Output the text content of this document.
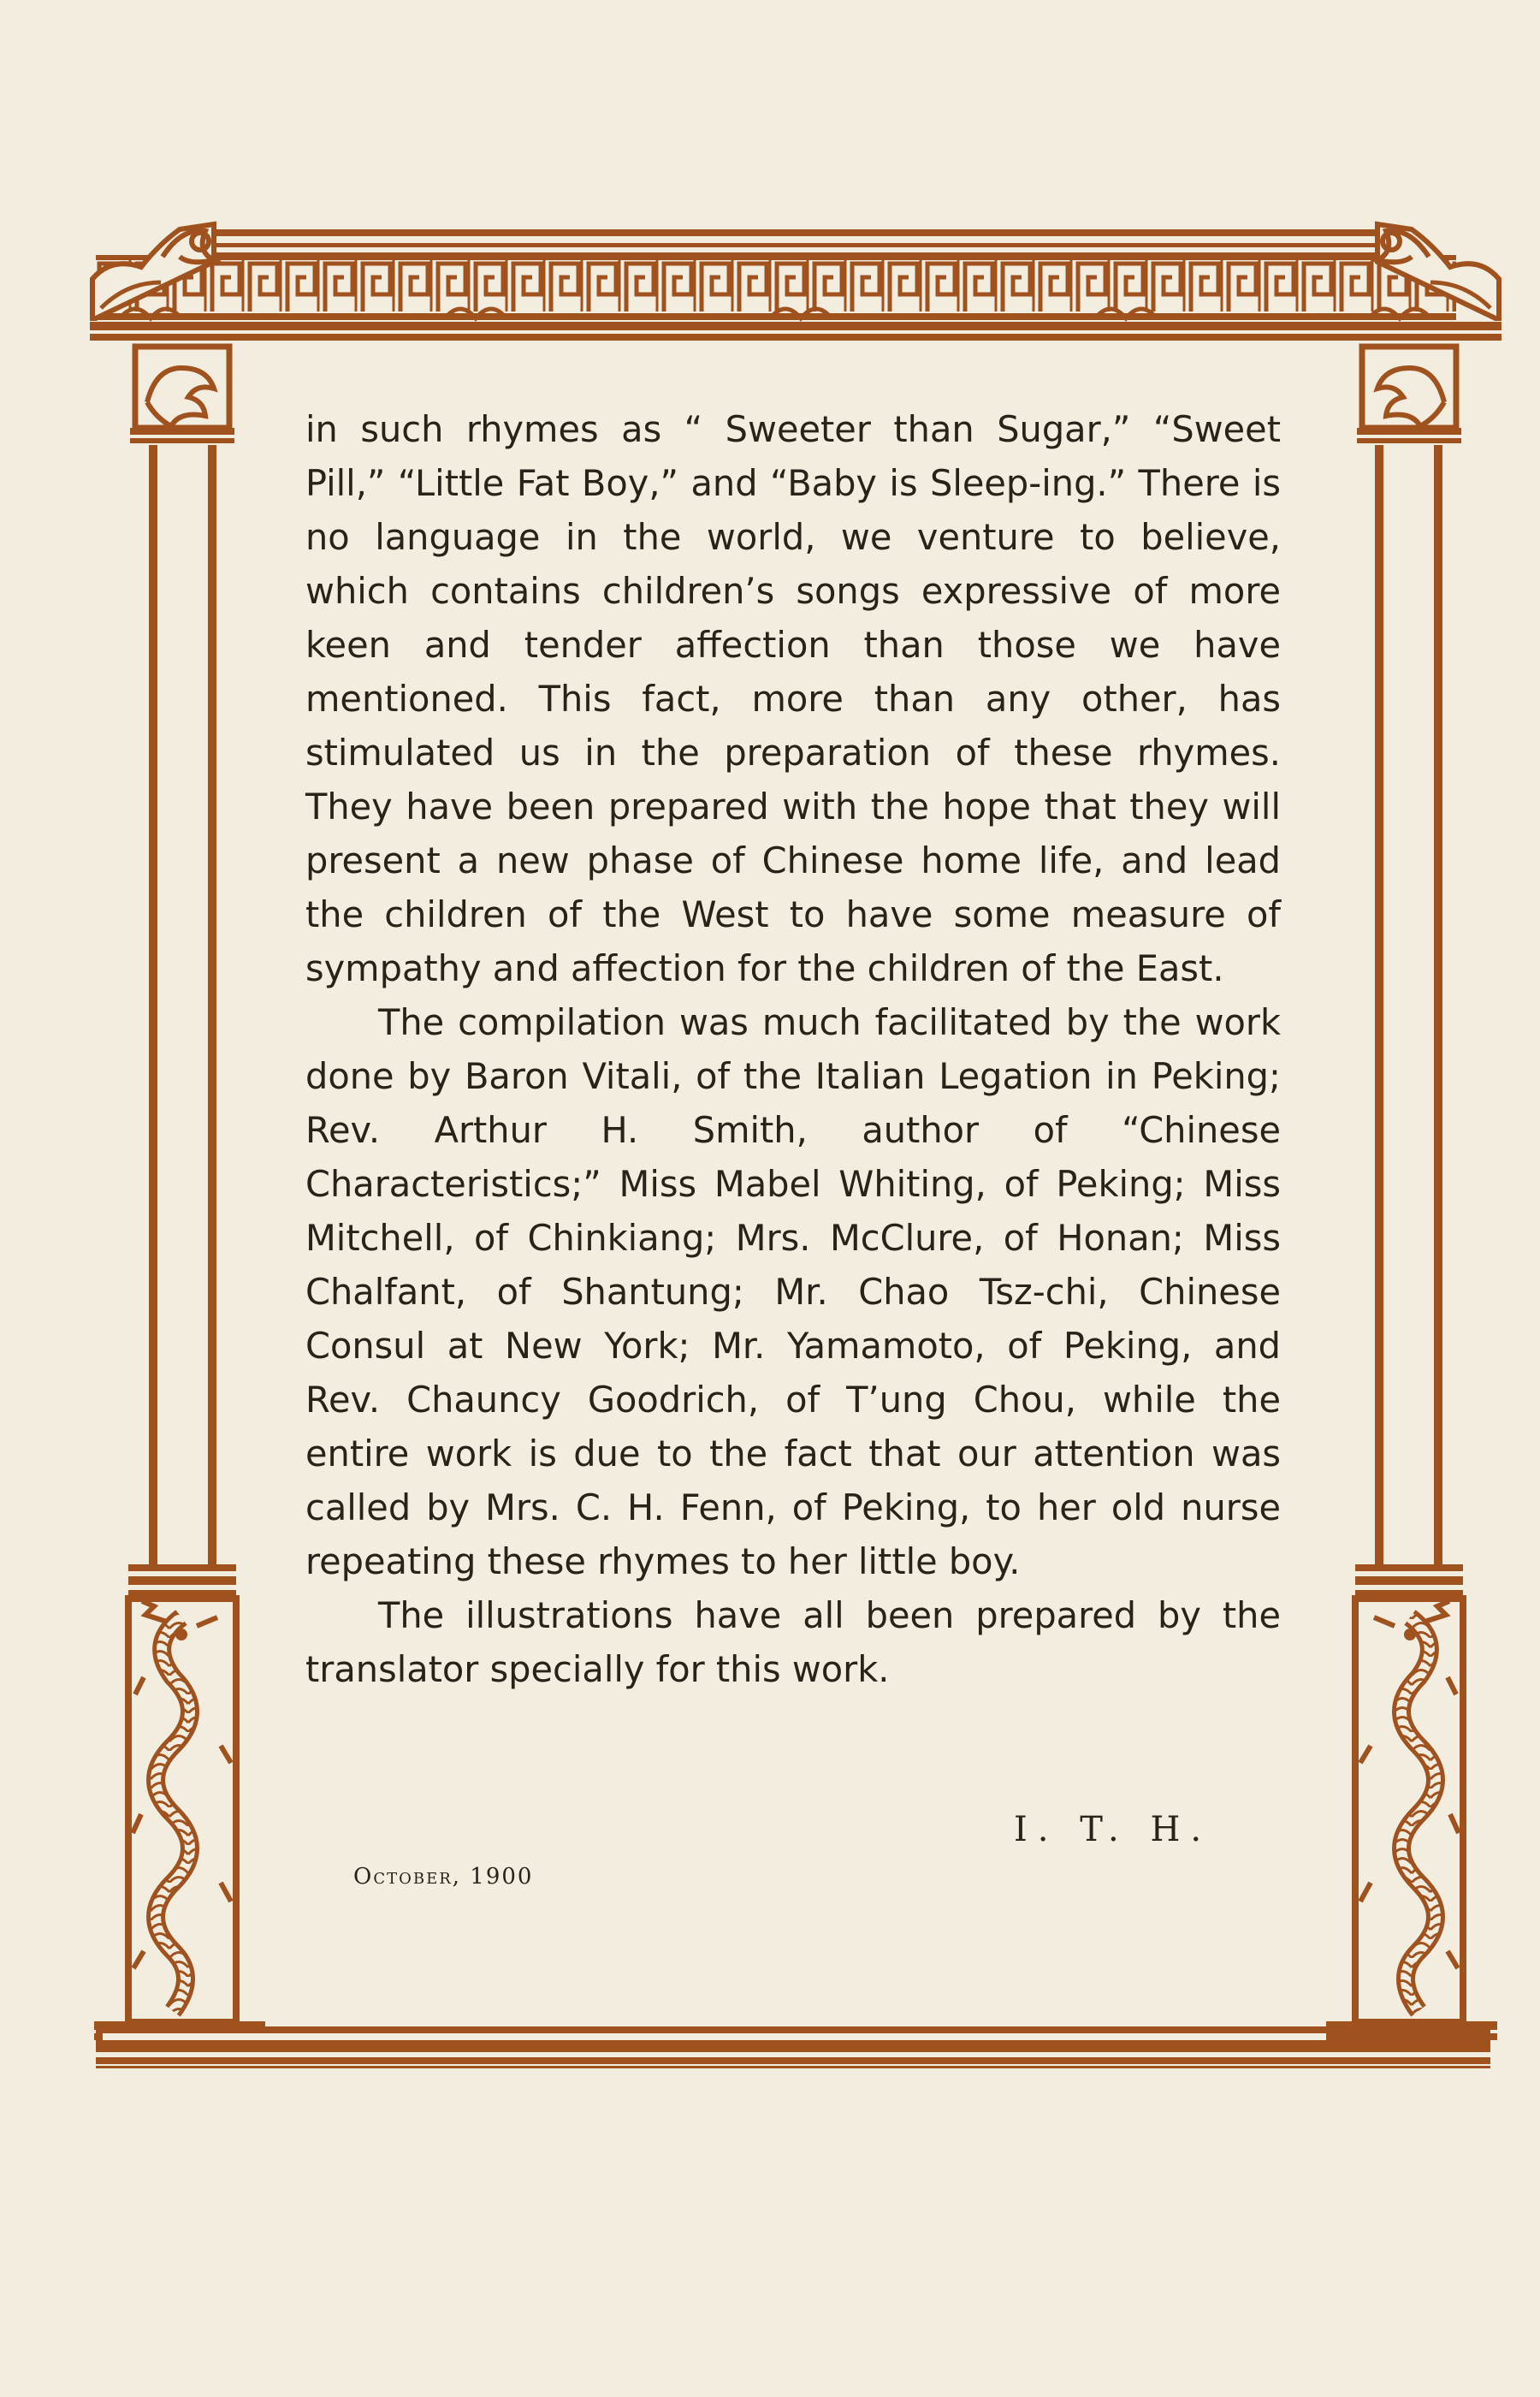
in such rhymes as “ Sweeter than Sugar,” “Sweet Pill,” “Little Fat Boy,” and “Baby is Sleep-ing.” There is no language in the world, we venture to believe, which contains children’s songs expressive of more keen and tender affection than those we have mentioned. This fact, more than any other, has stimulated us in the preparation of these rhymes. They have been prepared with the hope that they will present a new phase of Chinese home life, and lead the children of the West to have some measure of sympathy and affection for the children of the East.

The compilation was much facilitated by the work done by Baron Vitali, of the Italian Legation in Peking; Rev. Arthur H. Smith, author of “Chinese Characteristics;” Miss Mabel Whiting, of Peking; Miss Mitchell, of Chinkiang; Mrs. McClure, of Honan; Miss Chalfant, of Shantung; Mr. Chao Tsz-chi, Chinese Consul at New York; Mr. Yamamoto, of Peking, and Rev. Chauncy Goodrich, of T’ung Chou, while the entire work is due to the fact that our attention was called by Mrs. C. H. Fenn, of Peking, to her old nurse repeating these rhymes to her little boy.

The illustrations have all been prepared by the translator specially for this work.

I. T. H.
October, 1900
